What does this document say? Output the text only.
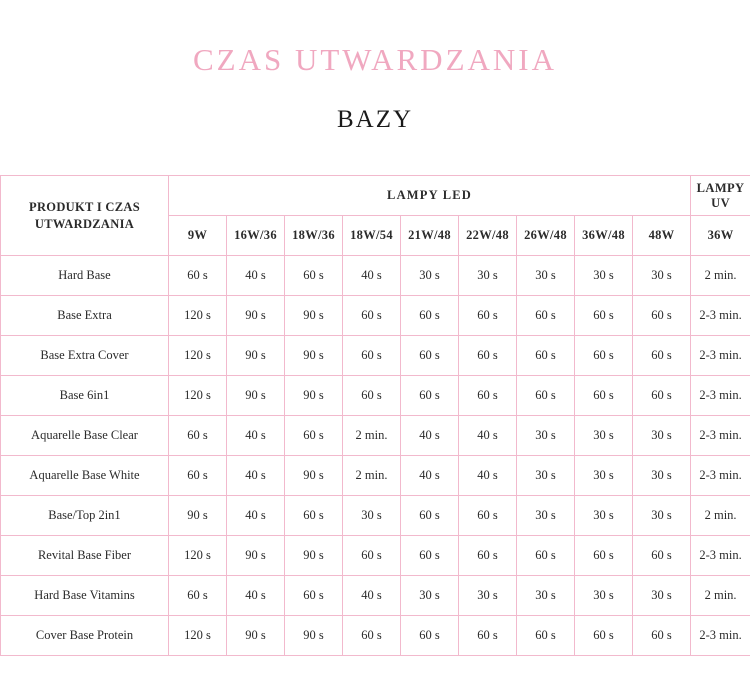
CZAS UTWARDZANIA
BAZY
PRODUKT I CZAS UTWARDZANIA	LAMPY LED									LAMPY UV
	9W	16W/36	18W/36	18W/54	21W/48	22W/48	26W/48	36W/48	48W	36W
Hard Base	60 s	40 s	60 s	40 s	30 s	30 s	30 s	30 s	30 s	2 min.
Base Extra	120 s	90 s	90 s	60 s	60 s	60 s	60 s	60 s	60 s	2-3 min.
Base Extra Cover	120 s	90 s	90 s	60 s	60 s	60 s	60 s	60 s	60 s	2-3 min.
Base 6in1	120 s	90 s	90 s	60 s	60 s	60 s	60 s	60 s	60 s	2-3 min.
Aquarelle Base Clear	60 s	40 s	60 s	2 min.	40 s	40 s	30 s	30 s	30 s	2-3 min.
Aquarelle Base White	60 s	40 s	90 s	2 min.	40 s	40 s	30 s	30 s	30 s	2-3 min.
Base/Top 2in1	90 s	40 s	60 s	30 s	60 s	60 s	30 s	30 s	30 s	2 min.
Revital Base Fiber	120 s	90 s	90 s	60 s	60 s	60 s	60 s	60 s	60 s	2-3 min.
Hard Base Vitamins	60 s	40 s	60 s	40 s	30 s	30 s	30 s	30 s	30 s	2 min.
Cover Base Protein	120 s	90 s	90 s	60 s	60 s	60 s	60 s	60 s	60 s	2-3 min.
